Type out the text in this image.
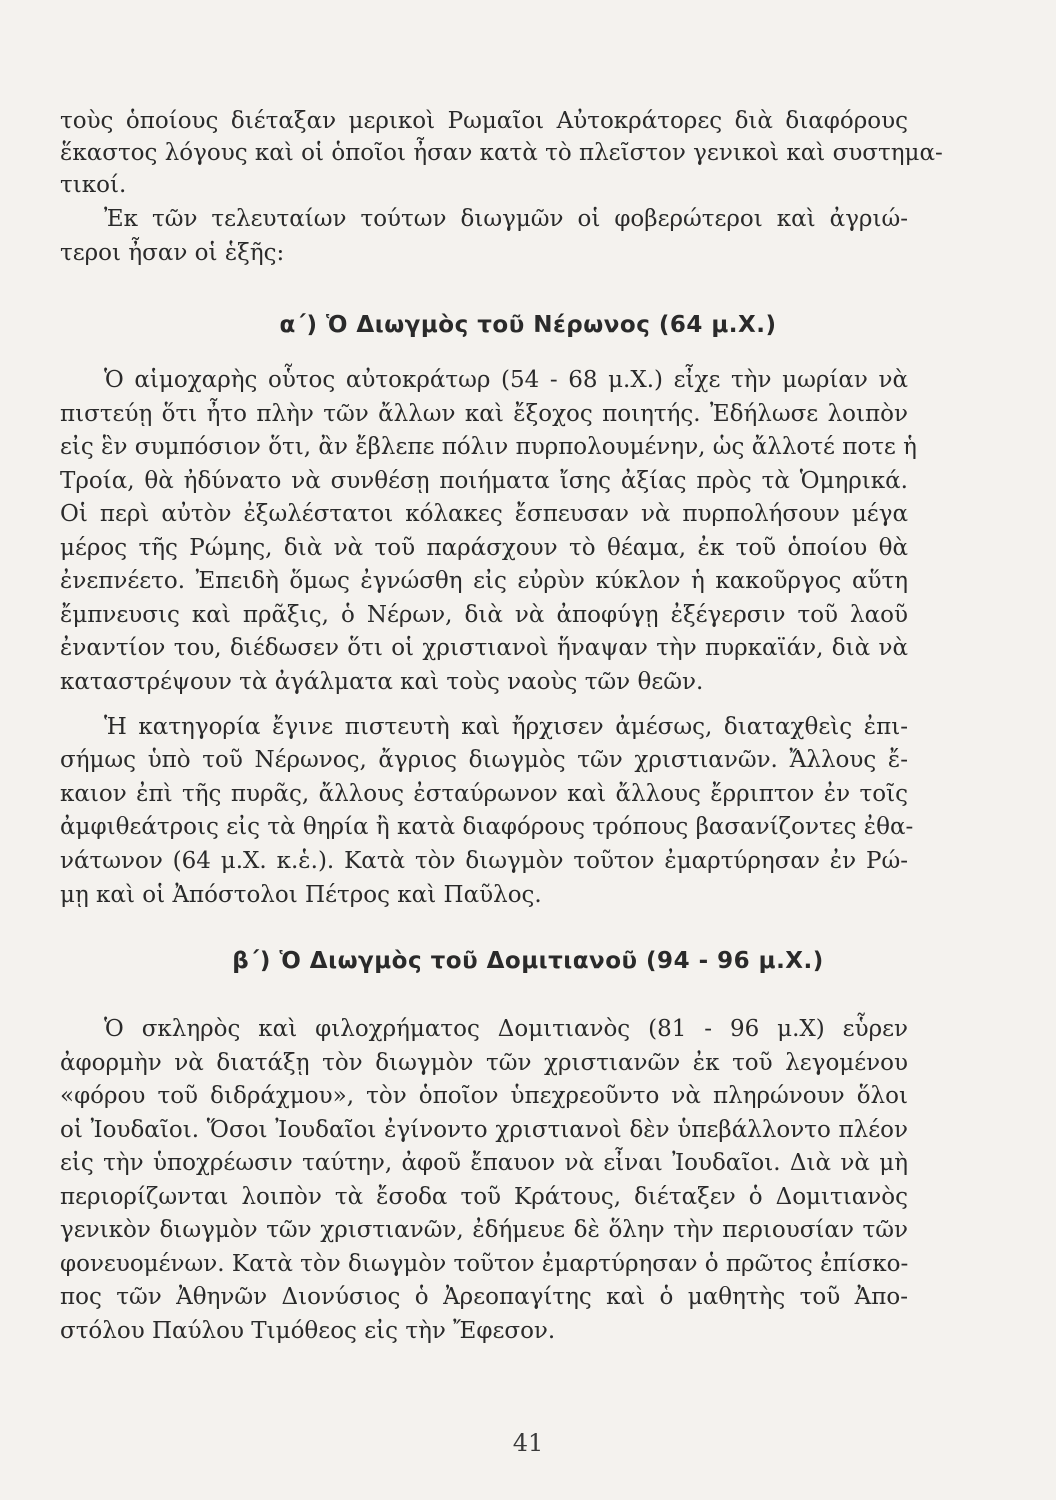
τοὺς ὁποίους διέταξαν μερικοὶ Ρωμαῖοι Αὐτοκράτορες διὰ διαφόρους
ἕκαστος λόγους καὶ οἱ ὁποῖοι ἦσαν κατὰ τὸ πλεῖστον γενικοὶ καὶ συστημα-
τικοί.
Ἐκ τῶν τελευταίων τούτων διωγμῶν οἱ φοβερώτεροι καὶ ἀγριώ-
τεροι ἦσαν οἱ ἑξῆς:
α΄) Ὁ Διωγμὸς τοῦ Νέρωνος (64 μ.Χ.)
Ὁ αἱμοχαρὴς οὗτος αὐτοκράτωρ (54 - 68 μ.Χ.) εἶχε τὴν μωρίαν νὰ
πιστεύῃ ὅτι ἦτο πλὴν τῶν ἄλλων καὶ ἔξοχος ποιητής. Ἐδήλωσε λοιπὸν
εἰς ἓν συμπόσιον ὅτι, ἂν ἔβλεπε πόλιν πυρπολουμένην, ὡς ἄλλοτέ ποτε ἡ
Τροία, θὰ ἠδύνατο νὰ συνθέσῃ ποιήματα ἴσης ἀξίας πρὸς τὰ Ὁμηρικά.
Οἱ περὶ αὐτὸν ἐξωλέστατοι κόλακες ἔσπευσαν νὰ πυρπολήσουν μέγα
μέρος τῆς Ρώμης, διὰ νὰ τοῦ παράσχουν τὸ θέαμα, ἐκ τοῦ ὁποίου θὰ
ἐνεπνέετο. Ἐπειδὴ ὅμως ἐγνώσθη εἰς εὐρὺν κύκλον ἡ κακοῦργος αὕτη
ἔμπνευσις καὶ πρᾶξις, ὁ Νέρων, διὰ νὰ ἀποφύγῃ ἐξέγερσιν τοῦ λαοῦ
ἐναντίον του, διέδωσεν ὅτι οἱ χριστιανοὶ ἥναψαν τὴν πυρκαϊάν, διὰ νὰ
καταστρέψουν τὰ ἀγάλματα καὶ τοὺς ναοὺς τῶν θεῶν.
Ἡ κατηγορία ἔγινε πιστευτὴ καὶ ἤρχισεν ἀμέσως, διαταχθεὶς ἐπι-
σήμως ὑπὸ τοῦ Νέρωνος, ἄγριος διωγμὸς τῶν χριστιανῶν. Ἄλλους ἔ-
καιον ἐπὶ τῆς πυρᾶς, ἄλλους ἐσταύρωνον καὶ ἄλλους ἔρριπτον ἐν τοῖς
ἀμφιθεάτροις εἰς τὰ θηρία ἢ κατὰ διαφόρους τρόπους βασανίζοντες ἐθα-
νάτωνον (64 μ.Χ. κ.ἑ.). Κατὰ τὸν διωγμὸν τοῦτον ἐμαρτύρησαν ἐν Ρώ-
μῃ καὶ οἱ Ἀπόστολοι Πέτρος καὶ Παῦλος.
β΄) Ὁ Διωγμὸς τοῦ Δομιτιανοῦ (94 - 96 μ.Χ.)
Ὁ σκληρὸς καὶ φιλοχρήματος Δομιτιανὸς (81 - 96 μ.Χ) εὗρεν
ἀφορμὴν νὰ διατάξῃ τὸν διωγμὸν τῶν χριστιανῶν ἐκ τοῦ λεγομένου
«φόρου τοῦ διδράχμου», τὸν ὁποῖον ὑπεχρεοῦντο νὰ πληρώνουν ὅλοι
οἱ Ἰουδαῖοι. Ὅσοι Ἰουδαῖοι ἐγίνοντο χριστιανοὶ δὲν ὑπεβάλλοντο πλέον
εἰς τὴν ὑποχρέωσιν ταύτην, ἀφοῦ ἔπαυον νὰ εἶναι Ἰουδαῖοι. Διὰ νὰ μὴ
περιορίζωνται λοιπὸν τὰ ἔσοδα τοῦ Κράτους, διέταξεν ὁ Δομιτιανὸς
γενικὸν διωγμὸν τῶν χριστιανῶν, ἐδήμευε δὲ ὅλην τὴν περιουσίαν τῶν
φονευομένων. Κατὰ τὸν διωγμὸν τοῦτον ἐμαρτύρησαν ὁ πρῶτος ἐπίσκο-
πος τῶν Ἀθηνῶν Διονύσιος ὁ Ἀρεοπαγίτης καὶ ὁ μαθητὴς τοῦ Ἀπο-
στόλου Παύλου Τιμόθεος εἰς τὴν Ἔφεσον.
41
